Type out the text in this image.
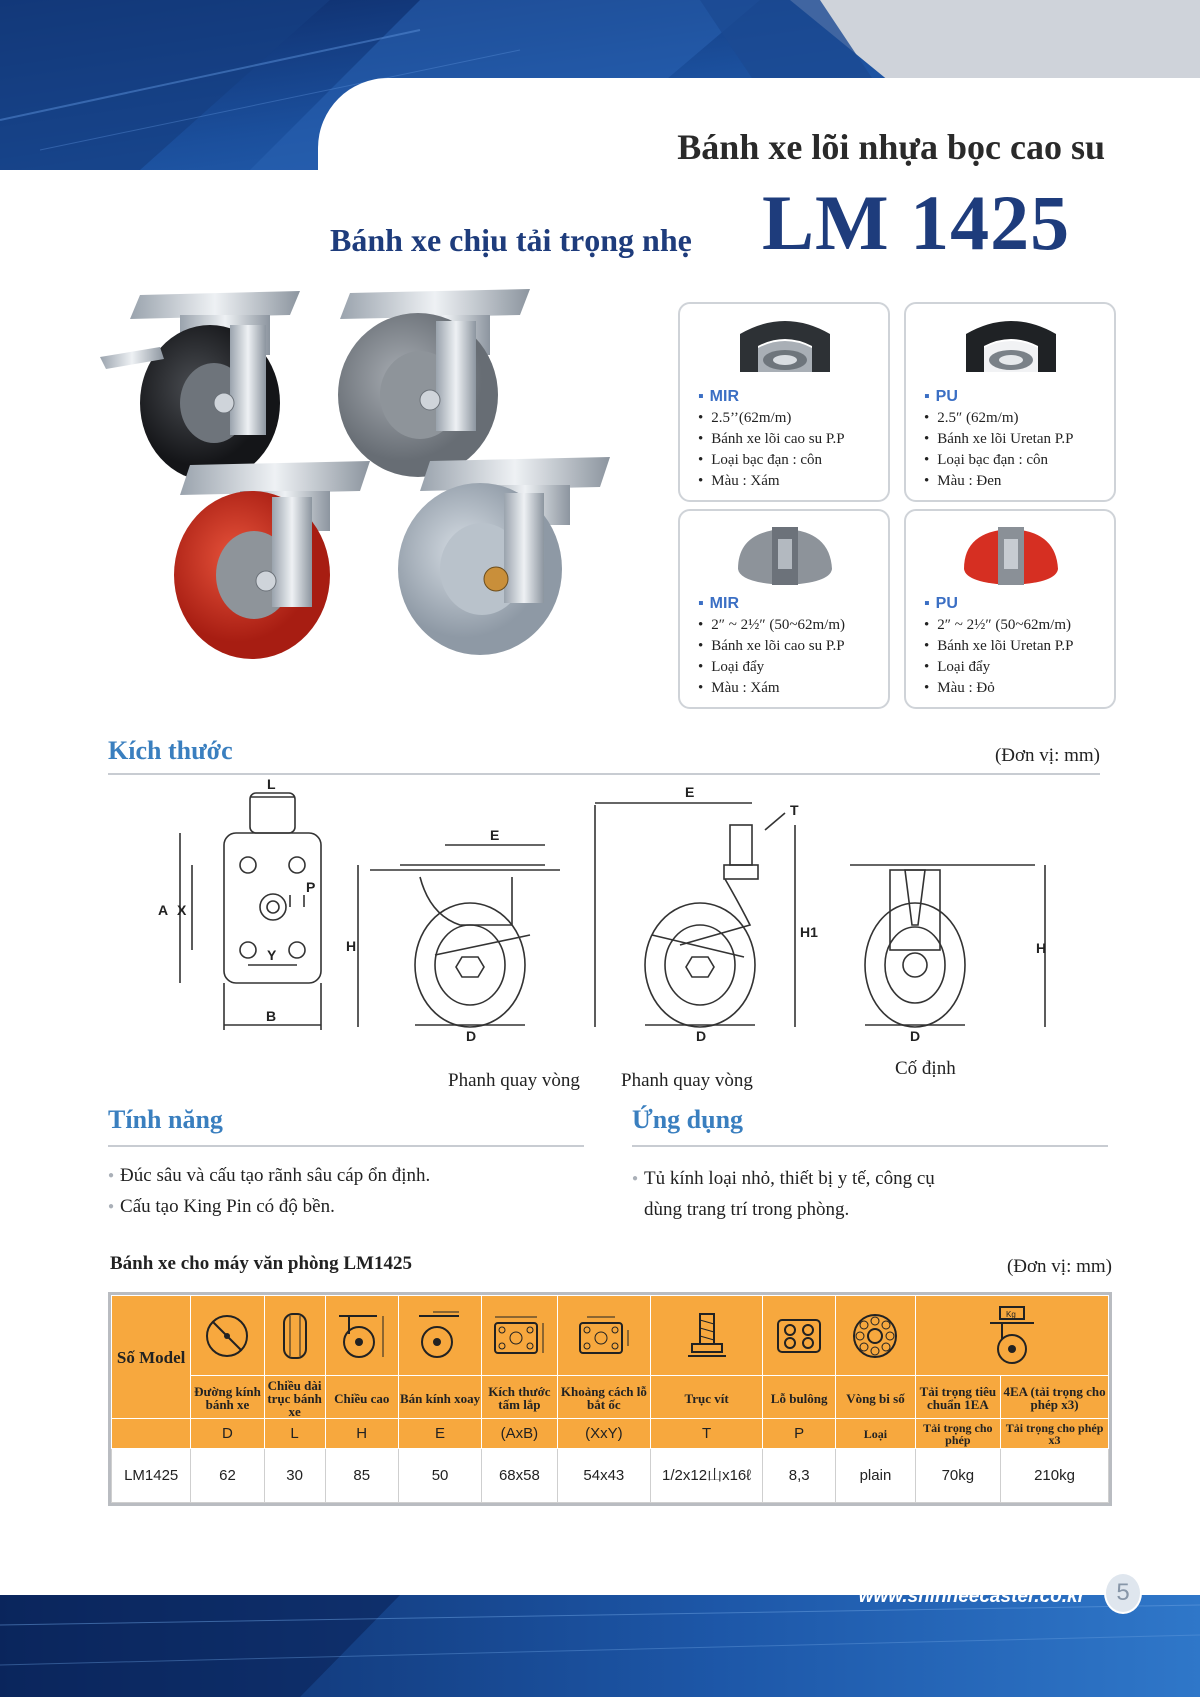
Bánh xe lõi nhựa bọc cao su
Bánh xe chịu tải trọng nhẹ LM 1425
▪ MIR
• 2.5’’(62m/m)
• Bánh xe lõi cao su P.P
• Loại bạc đạn : côn
• Màu : Xám
▪ PU
• 2.5″ (62m/m)
• Bánh xe lõi Uretan P.P
• Loại bạc đạn : côn
• Màu : Đen
▪ MIR
• 2″ ~ 2½″ (50~62m/m)
• Bánh xe lõi cao su P.P
• Loại đẩy
• Màu : Xám
▪ PU
• 2″ ~ 2½″ (50~62m/m)
• Bánh xe lõi Uretan P.P
• Loại đẩy
• Màu : Đỏ
Kích thước	(Đơn vị: mm)
L
A X
P
Y
B
E
H
D
E
T
H1
D	D
H
Phanh quay vòng Phanh quay vòng
Cố định
Tính năng
● Đúc sâu và cấu tạo rãnh sâu cáp ổn định.
● Cấu tạo King Pin có độ bền.
Ứng dụng
● Tủ kính loại nhỏ, thiết bị y tế, công cụ
dùng trang trí trong phòng.
Bánh xe cho máy văn phòng LM1425	(Đơn vị: mm)
Số Model										Kg	

	Đường kính bánh xe	Chiều dài trục bánh xe	Chiều cao	Bán kính xoay	Kích thước tấm lắp	Khoảng cách lỗ bắt ốc	Trục vít	Lỗ bulông	Vòng bi số	Tải trọng tiêu chuẩn 1EA	4EA (tải trọng cho phép x3)
	D	L	H	E	(AxB)	(XxY)	T	P	Loại	Tải trọng cho phép	Tải trọng cho phép x3
LM1425	62	30	85	50	68x58	54x43	1/2x12山x16ℓ	8,3	plain	70kg	210kg
www.shinheecaster.co.kr	5
